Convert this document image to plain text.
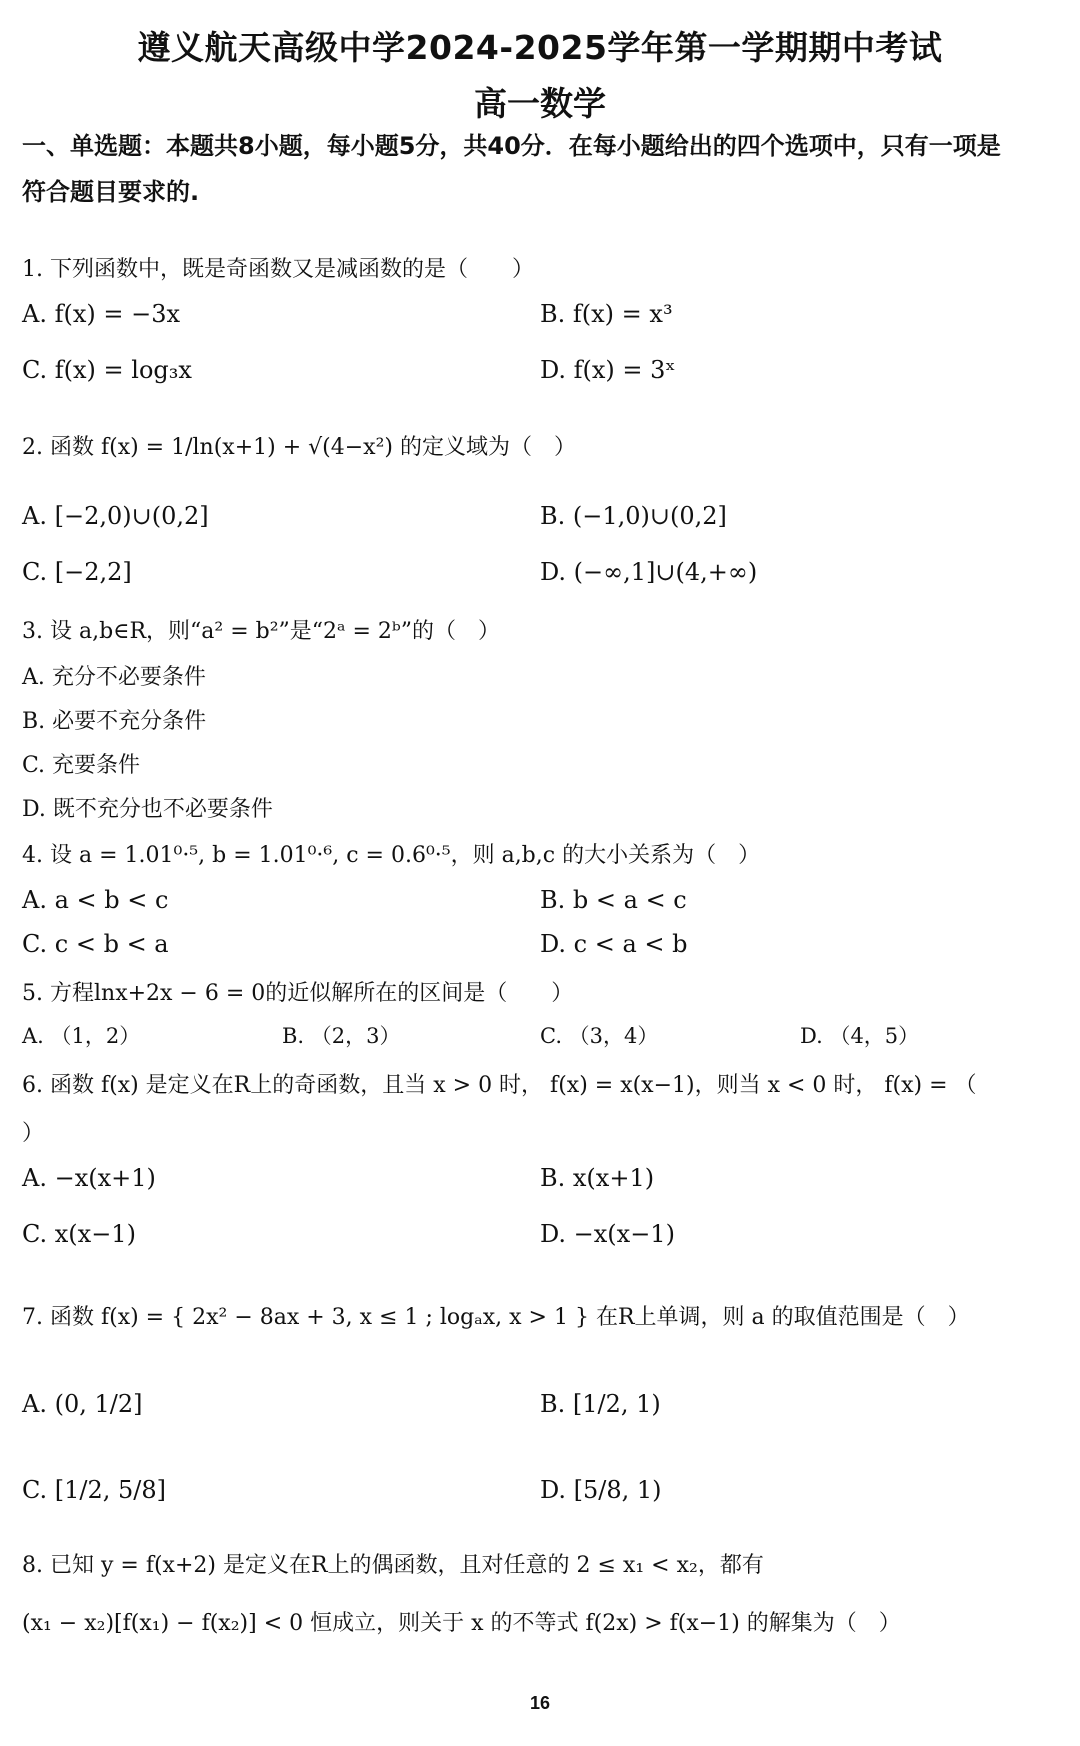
遵义航天高级中学2024-2025学年第一学期期中考试
高一数学
一、单选题：本题共8小题，每小题5分，共40分．在每小题给出的四个选项中，只有一项是
符合题目要求的.
1. 下列函数中，既是奇函数又是减函数的是（　　）
A. f(x) = −3x	B. f(x) = x³
C. f(x) = log₃x	D. f(x) = 3ˣ
2. 函数 f(x) = 1/ln(x+1) + √(4−x²) 的定义域为（　）
A. [−2,0)∪(0,2]	B. (−1,0)∪(0,2]
C. [−2,2]	D. (−∞,1]∪(4,+∞)
3. 设 a,b∈R，则“a² = b²”是“2ᵃ = 2ᵇ”的（　）
A. 充分不必要条件
B. 必要不充分条件
C. 充要条件
D. 既不充分也不必要条件
4. 设 a = 1.01⁰·⁵, b = 1.01⁰·⁶, c = 0.6⁰·⁵，则 a,b,c 的大小关系为（　）
A. a < b < c	B. b < a < c
C. c < b < a	D. c < a < b
5. 方程lnx+2x − 6 = 0的近似解所在的区间是（　　）
A. （1，2）	B. （2，3）	C. （3，4）	D. （4，5）
6. 函数 f(x) 是定义在R上的奇函数，且当 x > 0 时， f(x) = x(x−1)，则当 x < 0 时， f(x) = （
）
A. −x(x+1)	B. x(x+1)
C. x(x−1)	D. −x(x−1)
7. 函数 f(x) = { 2x² − 8ax + 3, x ≤ 1 ; logₐx, x > 1 } 在R上单调，则 a 的取值范围是（　）
A. (0, 1/2]	B. [1/2, 1)
C. [1/2, 5/8]	D. [5/8, 1)
8. 已知 y = f(x+2) 是定义在R上的偶函数，且对任意的 2 ≤ x₁ < x₂，都有
(x₁ − x₂)[f(x₁) − f(x₂)] < 0 恒成立，则关于 x 的不等式 f(2x) > f(x−1) 的解集为（　）
16
